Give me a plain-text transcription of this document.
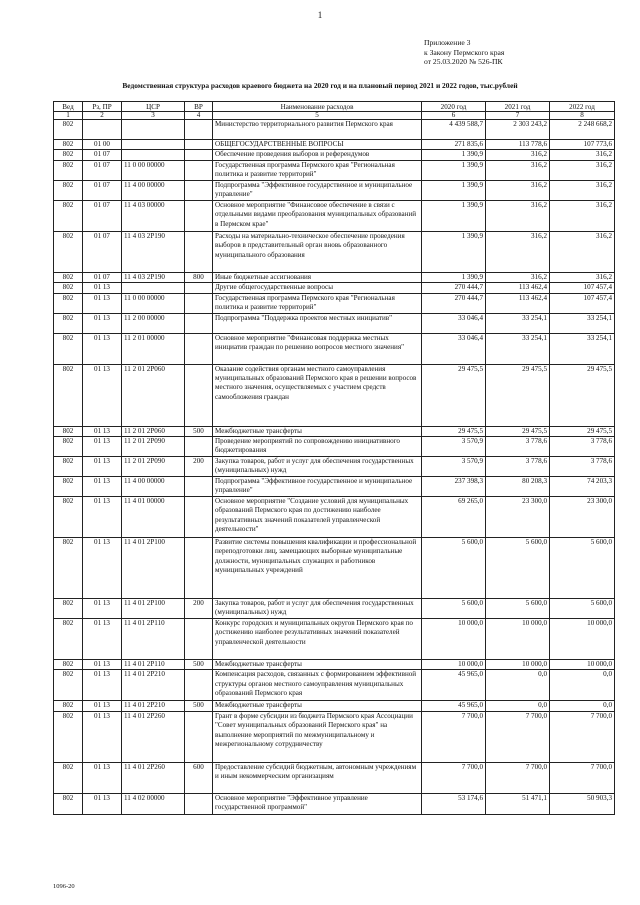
1
Приложение 3
к Закону Пермского края
от 25.03.2020 № 526-ПК
Ведомственная структура расходов краевого бюджета на 2020 год и на плановый период 2021 и 2022 годов, тыс.рублей
Вед	Рз, ПР	ЦСР	ВР	Наименование расходов	2020 год	2021 год	2022 год
1	2	3	4	5	6	7	8
802				Министерство территориального развития Пермского края	4 439 588,7	2 303 243,2	2 248 668,2
802	01 00			ОБЩЕГОСУДАРСТВЕННЫЕ ВОПРОСЫ	271 835,6	113 778,6	107 773,6
802	01 07			Обеспечение проведения выборов и референдумов	1 390,9	316,2	316,2
802	01 07	11 0 00 00000		Государственная программа Пермского края "Региональная политика и развитие территорий"	1 390,9	316,2	316,2
802	01 07	11 4 00 00000		Подпрограмма "Эффективное государственное и муниципальное управление"	1 390,9	316,2	316,2
802	01 07	11 4 03 00000		Основное мероприятие "Финансовое обеспечение в связи с отдельными видами преобразования муниципальных образований в Пермском крае"	1 390,9	316,2	316,2
802	01 07	11 4 03 2P190		Расходы на материально-техническое обеспечение проведения выборов в представительный орган вновь образованного муниципального образования	1 390,9	316,2	316,2
802	01 07	11 4 03 2P190	800	Иные бюджетные ассигнования	1 390,9	316,2	316,2
802	01 13			Другие общегосударственные вопросы	270 444,7	113 462,4	107 457,4
802	01 13	11 0 00 00000		Государственная программа Пермского края "Региональная политика и развитие территорий"	270 444,7	113 462,4	107 457,4
802	01 13	11 2 00 00000		Подпрограмма "Поддержка проектов местных инициатив"	33 046,4	33 254,1	33 254,1
802	01 13	11 2 01 00000		Основное мероприятие "Финансовая поддержка местных инициатив граждан по решению вопросов местного значения"	33 046,4	33 254,1	33 254,1
802	01 13	11 2 01 2P060		Оказание содействия органам местного самоуправления муниципальных образований Пермского края в решении вопросов местного значения, осуществляемых с участием средств самообложения граждан	29 475,5	29 475,5	29 475,5
802	01 13	11 2 01 2P060	500	Межбюджетные трансферты	29 475,5	29 475,5	29 475,5
802	01 13	11 2 01 2P090		Проведение мероприятий по сопровождению инициативного бюджетирования	3 570,9	3 778,6	3 778,6
802	01 13	11 2 01 2P090	200	Закупка товаров, работ и услуг для обеспечения государственных (муниципальных) нужд	3 570,9	3 778,6	3 778,6
802	01 13	11 4 00 00000		Подпрограмма "Эффективное государственное и муниципальное управление"	237 398,3	80 208,3	74 203,3
802	01 13	11 4 01 00000		Основное мероприятие "Создание условий для муниципальных образований Пермского края по достижению наиболее результативных значений показателей управленческой деятельности"	69 265,0	23 300,0	23 300,0
802	01 13	11 4 01 2P100		Развитие системы повышения квалификации и профессиональной переподготовки лиц, замещающих выборные муниципальные должности, муниципальных служащих и работников муниципальных учреждений	5 600,0	5 600,0	5 600,0
802	01 13	11 4 01 2P100	200	Закупка товаров, работ и услуг для обеспечения государственных (муниципальных) нужд	5 600,0	5 600,0	5 600,0
802	01 13	11 4 01 2P110		Конкурс городских и муниципальных округов Пермского края по достижению наиболее результативных значений показателей управленческой деятельности	10 000,0	10 000,0	10 000,0
802	01 13	11 4 01 2P110	500	Межбюджетные трансферты	10 000,0	10 000,0	10 000,0
802	01 13	11 4 01 2P210		Компенсация расходов, связанных с формированием эффективной структуры органов местного самоуправления муниципальных образований Пермского края	45 965,0	0,0	0,0
802	01 13	11 4 01 2P210	500	Межбюджетные трансферты	45 965,0	0,0	0,0
802	01 13	11 4 01 2P260		Грант в форме субсидии из бюджета Пермского края Ассоциации "Совет муниципальных образований Пермского края" на выполнение мероприятий по межмуниципальному и межрегиональному сотрудничеству	7 700,0	7 700,0	7 700,0
802	01 13	11 4 01 2P260	600	Предоставление субсидий бюджетным, автономным учреждениям и иным некоммерческим организациям	7 700,0	7 700,0	7 700,0
802	01 13	11 4 02 00000		Основное мероприятие "Эффективное управление государственной программой"	53 174,6	51 471,1	50 903,3
1096-20
